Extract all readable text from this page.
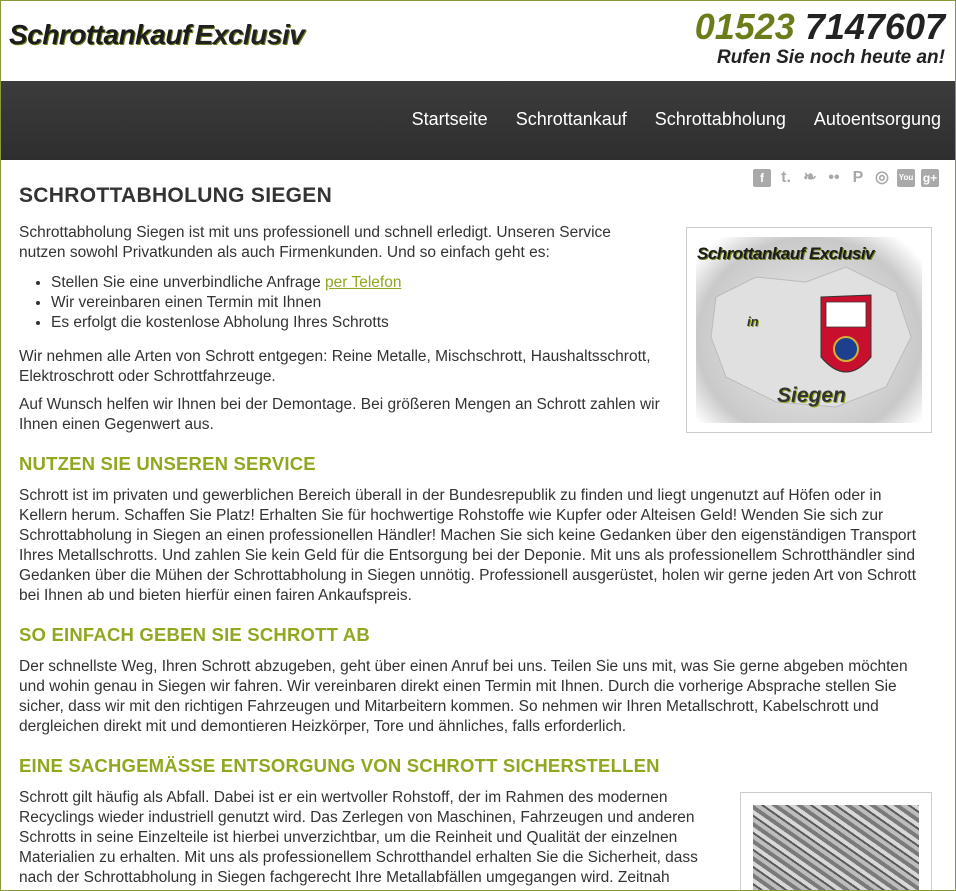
Schrottankauf Exclusiv	01523 7147607
Rufen Sie noch heute an!
Startseite Schrottankauf Schrottabholung Autoentsorgung
f	t. ❧ •• P ◎ You g+
SCHROTTABHOLUNG SIEGEN

Schrottabholung Siegen ist mit uns professionell und schnell erledigt. Unseren Service nutzen sowohl Privatkunden als auch Firmenkunden. Und so einfach geht es:

• Stellen Sie eine unverbindliche Anfrage per Telefon
• Wir vereinbaren einen Termin mit Ihnen
• Es erfolgt die kostenlose Abholung Ihres Schrotts

Wir nehmen alle Arten von Schrott entgegen: Reine Metalle, Mischschrott, Haushaltsschrott, Elektroschrott oder Schrottfahrzeuge.

Auf Wunsch helfen wir Ihnen bei der Demontage. Bei größeren Mengen an Schrott zahlen wir Ihnen einen Gegenwert aus.

Schrottankauf Exclusiv
in
Siegen
NUTZEN SIE UNSEREN SERVICE

Schrott ist im privaten und gewerblichen Bereich überall in der Bundesrepublik zu finden und liegt ungenutzt auf Höfen oder in Kellern herum. Schaffen Sie Platz! Erhalten Sie für hochwertige Rohstoffe wie Kupfer oder Alteisen Geld! Wenden Sie sich zur Schrottabholung in Siegen an einen professionellen Händler! Machen Sie sich keine Gedanken über den eigenständigen Transport Ihres Metallschrotts. Und zahlen Sie kein Geld für die Entsorgung bei der Deponie. Mit uns als professionellem Schrotthändler sind Gedanken über die Mühen der Schrottabholung in Siegen unnötig. Professionell ausgerüstet, holen wir gerne jeden Art von Schrott bei Ihnen ab und bieten hierfür einen fairen Ankaufspreis.

SO EINFACH GEBEN SIE SCHROTT AB

Der schnellste Weg, Ihren Schrott abzugeben, geht über einen Anruf bei uns. Teilen Sie uns mit, was Sie gerne abgeben möchten und wohin genau in Siegen wir fahren. Wir vereinbaren direkt einen Termin mit Ihnen. Durch die vorherige Absprache stellen Sie sicher, dass wir mit den richtigen Fahrzeugen und Mitarbeitern kommen. So nehmen wir Ihren Metallschrott, Kabelschrott und dergleichen direkt mit und demontieren Heizkörper, Tore und ähnliches, falls erforderlich.

EINE SACHGEMÄSSE ENTSORGUNG VON SCHROTT SICHERSTELLEN

Schrott gilt häufig als Abfall. Dabei ist er ein wertvoller Rohstoff, der im Rahmen des modernen Recyclings wieder industriell genutzt wird. Das Zerlegen von Maschinen, Fahrzeugen und anderen Schrotts in seine Einzelteile ist hierbei unverzichtbar, um die Reinheit und Qualität der einzelnen Materialien zu erhalten. Mit uns als professionellem Schrotthandel erhalten Sie die Sicherheit, dass nach der Schrottabholung in Siegen fachgerecht Ihre Metallabfällen umgegangen wird. Zeitnah
